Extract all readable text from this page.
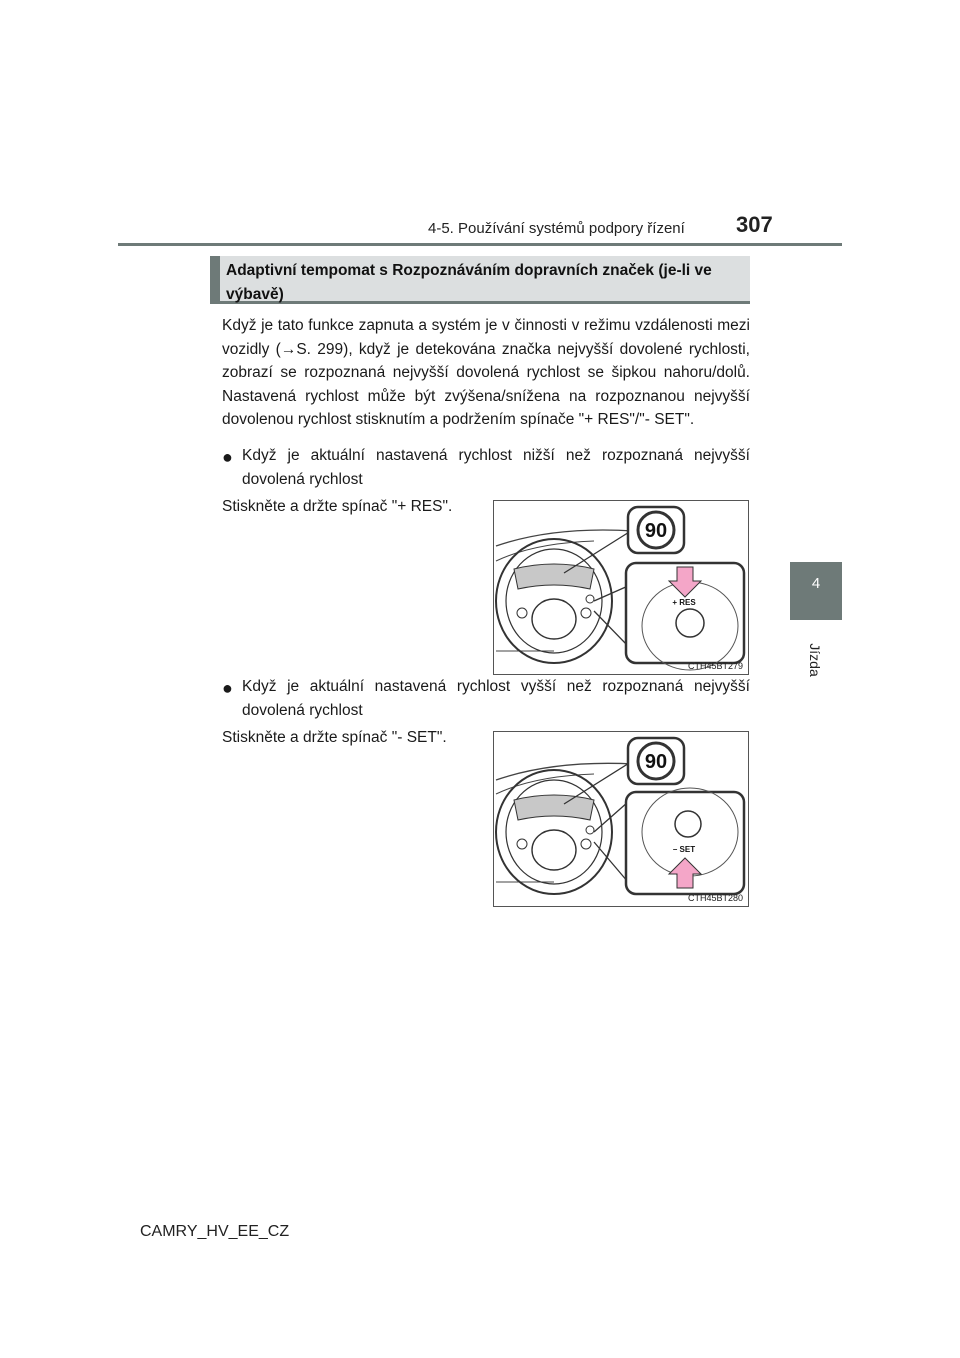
4-5. Používání systémů podpory řízení 307
4
Jízda
Adaptivní tempomat s Rozpoznáváním dopravních značek (je-li ve výbavě)
Když je tato funkce zapnuta a systém je v činnosti v režimu vzdálenosti mezi vozidly (→S. 299), když je detekována značka nejvyšší dovolené rychlosti, zobrazí se rozpoznaná nejvyšší dovolená rychlost se šipkou nahoru/dolů. Nastavená rychlost může být zvýšena/snížena na rozpoznanou nejvyšší dovolenou rychlost stisknutím a podržením spínače "+ RES"/"- SET".
● Když je aktuální nastavená rychlost nižší než rozpoznaná nejvyšší dovolená rychlost
Stiskněte a držte spínač "+ RES".
90
+ RES
CTH45BT279
● Když je aktuální nastavená rychlost vyšší než rozpoznaná nejvyšší dovolená rychlost
Stiskněte a držte spínač "- SET".
90
– SET
CTH45BT280
CAMRY_HV_EE_CZ
